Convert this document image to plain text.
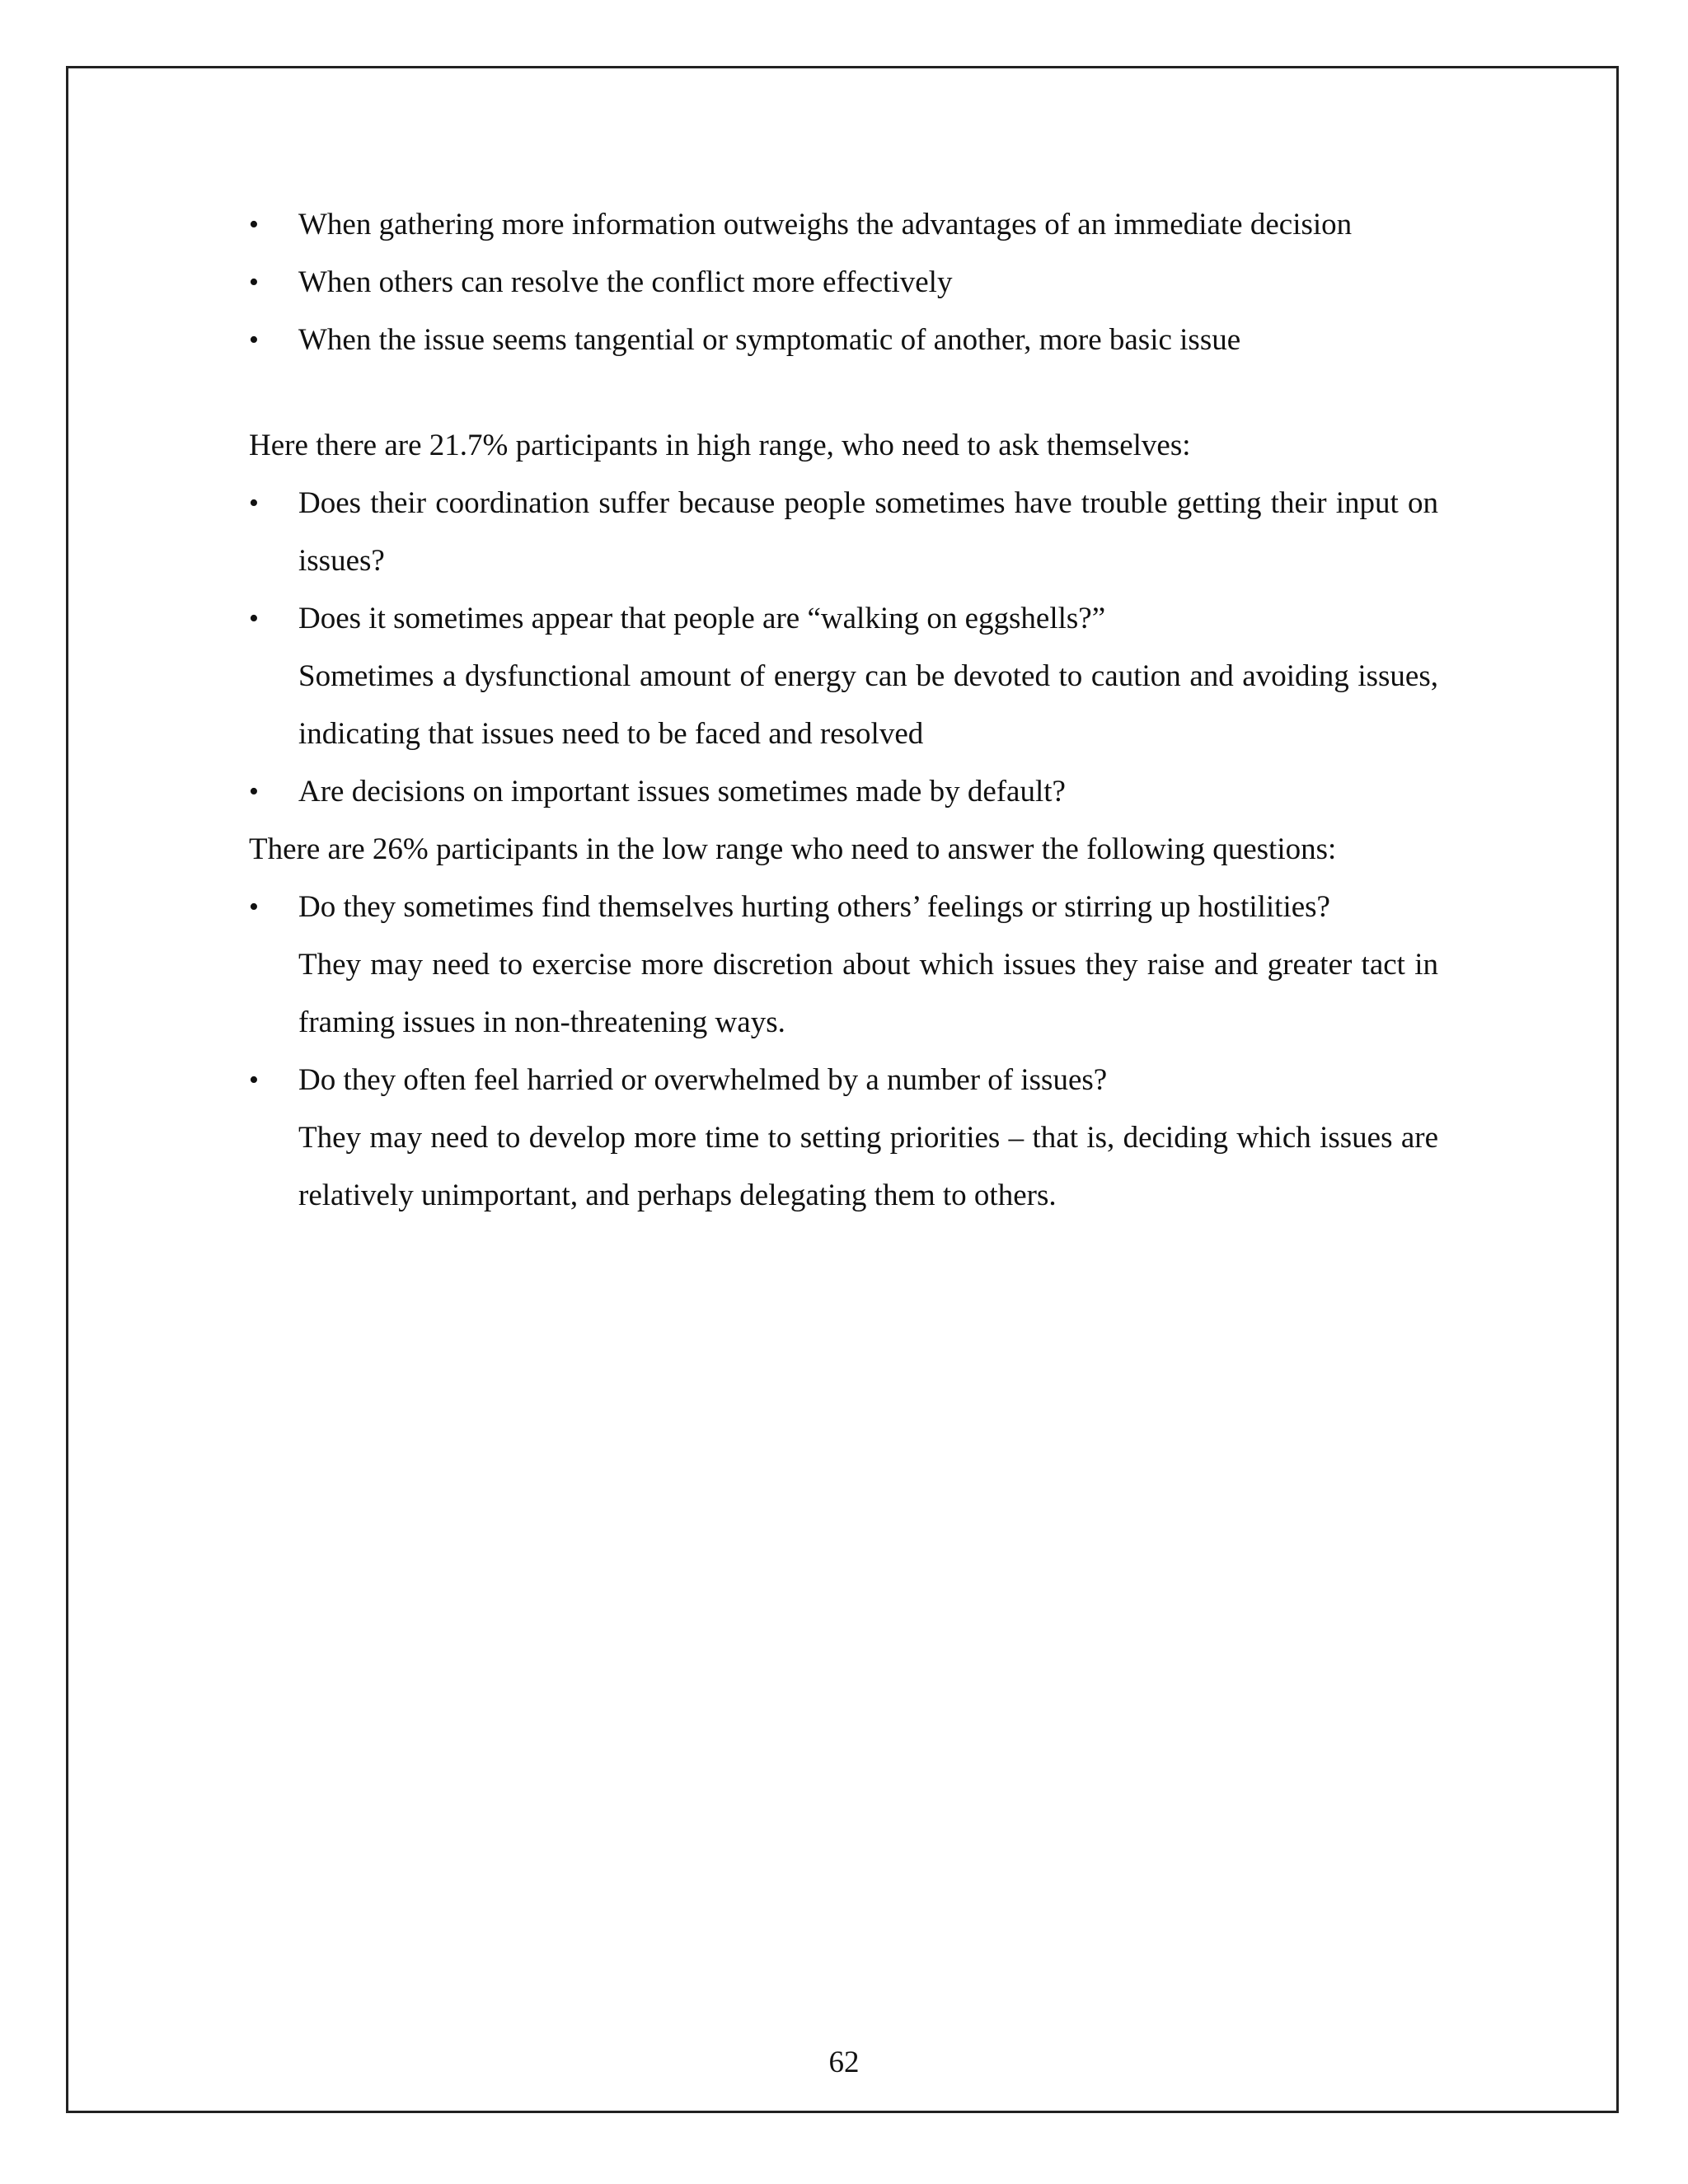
•	When gathering more information outweighs the advantages of an immediate decision
•	When others can resolve the conflict more effectively
•	When the issue seems tangential or symptomatic of another, more basic issue
Here there are 21.7% participants in high range, who need to ask themselves:
•	Does their coordination suffer because people sometimes have trouble getting their input on issues?
•	Does it sometimes appear that people are “walking on eggshells?”
Sometimes a dysfunctional amount of energy can be devoted to caution and avoiding issues, indicating that issues need to be faced and resolved
•	Are decisions on important issues sometimes made by default?
There are 26% participants in the low range who need to answer the following questions:
•	Do they sometimes find themselves hurting others’ feelings or stirring up hostilities?
They may need to exercise more discretion about which issues they raise and greater tact in framing issues in non-threatening ways.
•	Do they often feel harried or overwhelmed by a number of issues?
They may need to develop more time to setting priorities – that is, deciding which issues are relatively unimportant, and perhaps delegating them to others.
62
